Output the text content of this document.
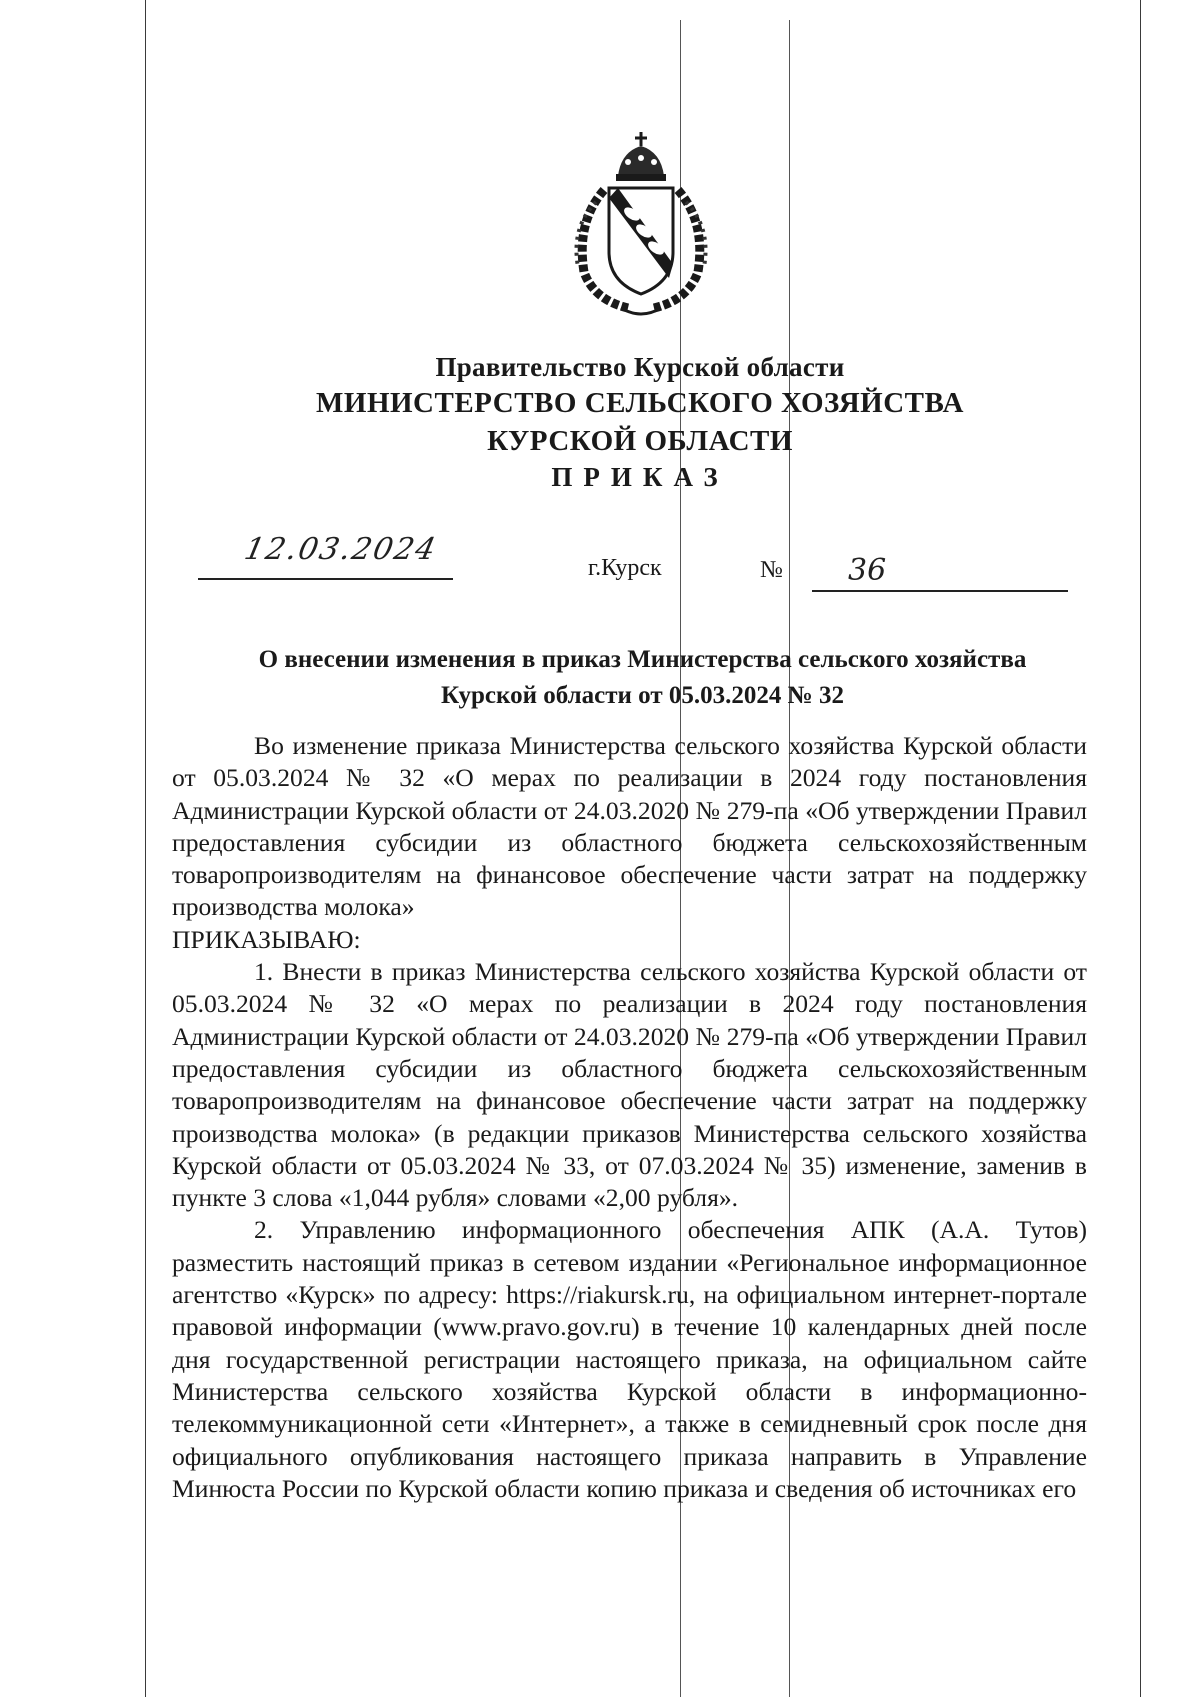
Правительство Курской области
МИНИСТЕРСТВО СЕЛЬСКОГО ХОЗЯЙСТВА
КУРСКОЙ ОБЛАСТИ
ПРИКАЗ
12.03.2024
г.Курск	№ 36
О внесении изменения в приказ Министерства сельского хозяйства
Курской области от 05.03.2024 № 32

Во изменение приказа Министерства сельского хозяйства Курской области от 05.03.2024 № 32 «О мерах по реализации в 2024 году постановления Администрации Курской области от 24.03.2020 № 279-па «Об утверждении Правил предоставления субсидии из областного бюджета сельскохозяйственным товаропроизводителям на финансовое обеспечение части затрат на поддержку производства молока»

ПРИКАЗЫВАЮ:

1. Внести в приказ Министерства сельского хозяйства Курской области от 05.03.2024 № 32 «О мерах по реализации в 2024 году постановления Администрации Курской области от 24.03.2020 № 279-па «Об утверждении Правил предоставления субсидии из областного бюджета сельскохозяйственным товаропроизводителям на финансовое обеспечение части затрат на поддержку производства молока» (в редакции приказов Министерства сельского хозяйства Курской области от 05.03.2024 № 33, от 07.03.2024 № 35) изменение, заменив в пункте 3 слова «1,044 рубля» словами «2,00 рубля».

2. Управлению информационного обеспечения АПК (А.А. Тутов) разместить настоящий приказ в сетевом издании «Региональное информационное агентство «Курск» по адресу: https://riakursk.ru, на официальном интернет-портале правовой информации (www.pravo.gov.ru) в течение 10 календарных дней после дня государственной регистрации настоящего приказа, на официальном сайте Министерства сельского хозяйства Курской области в информационно-телекоммуникационной сети «Интернет», а также в семидневный срок после дня официального опубликования настоящего приказа направить в Управление Минюста России по Курской области копию приказа и сведения об источниках его
